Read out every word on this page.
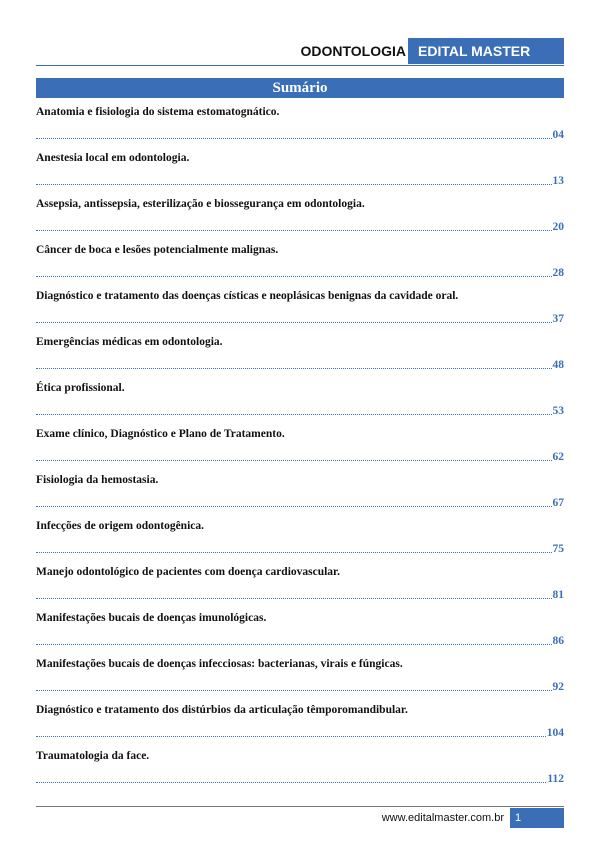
ODONTOLOGIA EDITAL MASTER
Sumário
Anatomia e fisiologia do sistema estomatognático.
04
Anestesia local em odontologia.
13
Assepsia, antissepsia, esterilização e biossegurança em odontologia.
20
Câncer de boca e lesões potencialmente malignas.
28
Diagnóstico e tratamento das doenças císticas e neoplásicas benignas da cavidade oral.
37
Emergências médicas em odontologia.
48
Ética profissional.
53
Exame clínico, Diagnóstico e Plano de Tratamento.
62
Fisiologia da hemostasia.
67
Infecções de origem odontogênica.
75
Manejo odontológico de pacientes com doença cardiovascular.
81
Manifestações bucais de doenças imunológicas.
86
Manifestações bucais de doenças infecciosas: bacterianas, virais e fúngicas.
92
Diagnóstico e tratamento dos distúrbios da articulação têmporomandibular.
104
Traumatologia da face.
112
www.editalmaster.com.br	1
